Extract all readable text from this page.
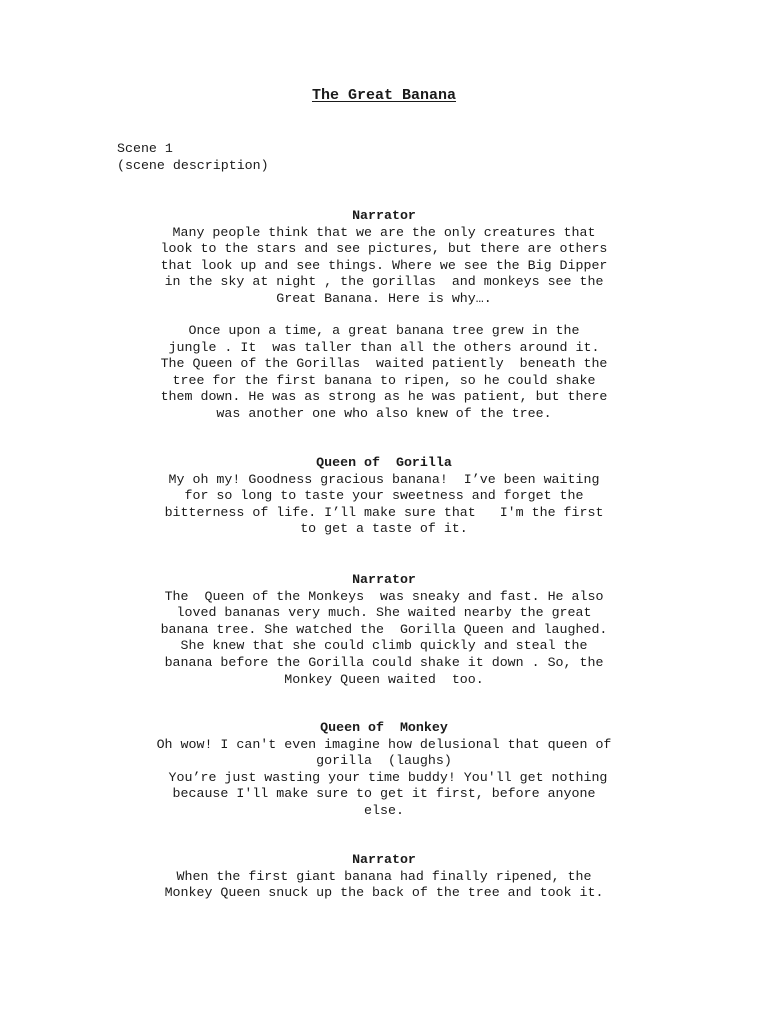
The Great Banana
Scene 1
(scene description)
Narrator
Many people think that we are the only creatures that
look to the stars and see pictures, but there are others
that look up and see things. Where we see the Big Dipper
in the sky at night , the gorillas  and monkeys see the
Great Banana. Here is why….
Once upon a time, a great banana tree grew in the
jungle . It  was taller than all the others around it.
The Queen of the Gorillas  waited patiently  beneath the
tree for the first banana to ripen, so he could shake
them down. He was as strong as he was patient, but there
was another one who also knew of the tree.
Queen of  Gorilla
My oh my! Goodness gracious banana!  I’ve been waiting
for so long to taste your sweetness and forget the
bitterness of life. I’ll make sure that   I'm the first
to get a taste of it.
Narrator
The  Queen of the Monkeys  was sneaky and fast. He also
loved bananas very much. She waited nearby the great
banana tree. She watched the  Gorilla Queen and laughed.
She knew that she could climb quickly and steal the
banana before the Gorilla could shake it down . So, the
Monkey Queen waited  too.
Queen of  Monkey
Oh wow! I can't even imagine how delusional that queen of
gorilla  (laughs)
You’re just wasting your time buddy! You'll get nothing
because I'll make sure to get it first, before anyone
else.
Narrator
When the first giant banana had finally ripened, the
Monkey Queen snuck up the back of the tree and took it.
